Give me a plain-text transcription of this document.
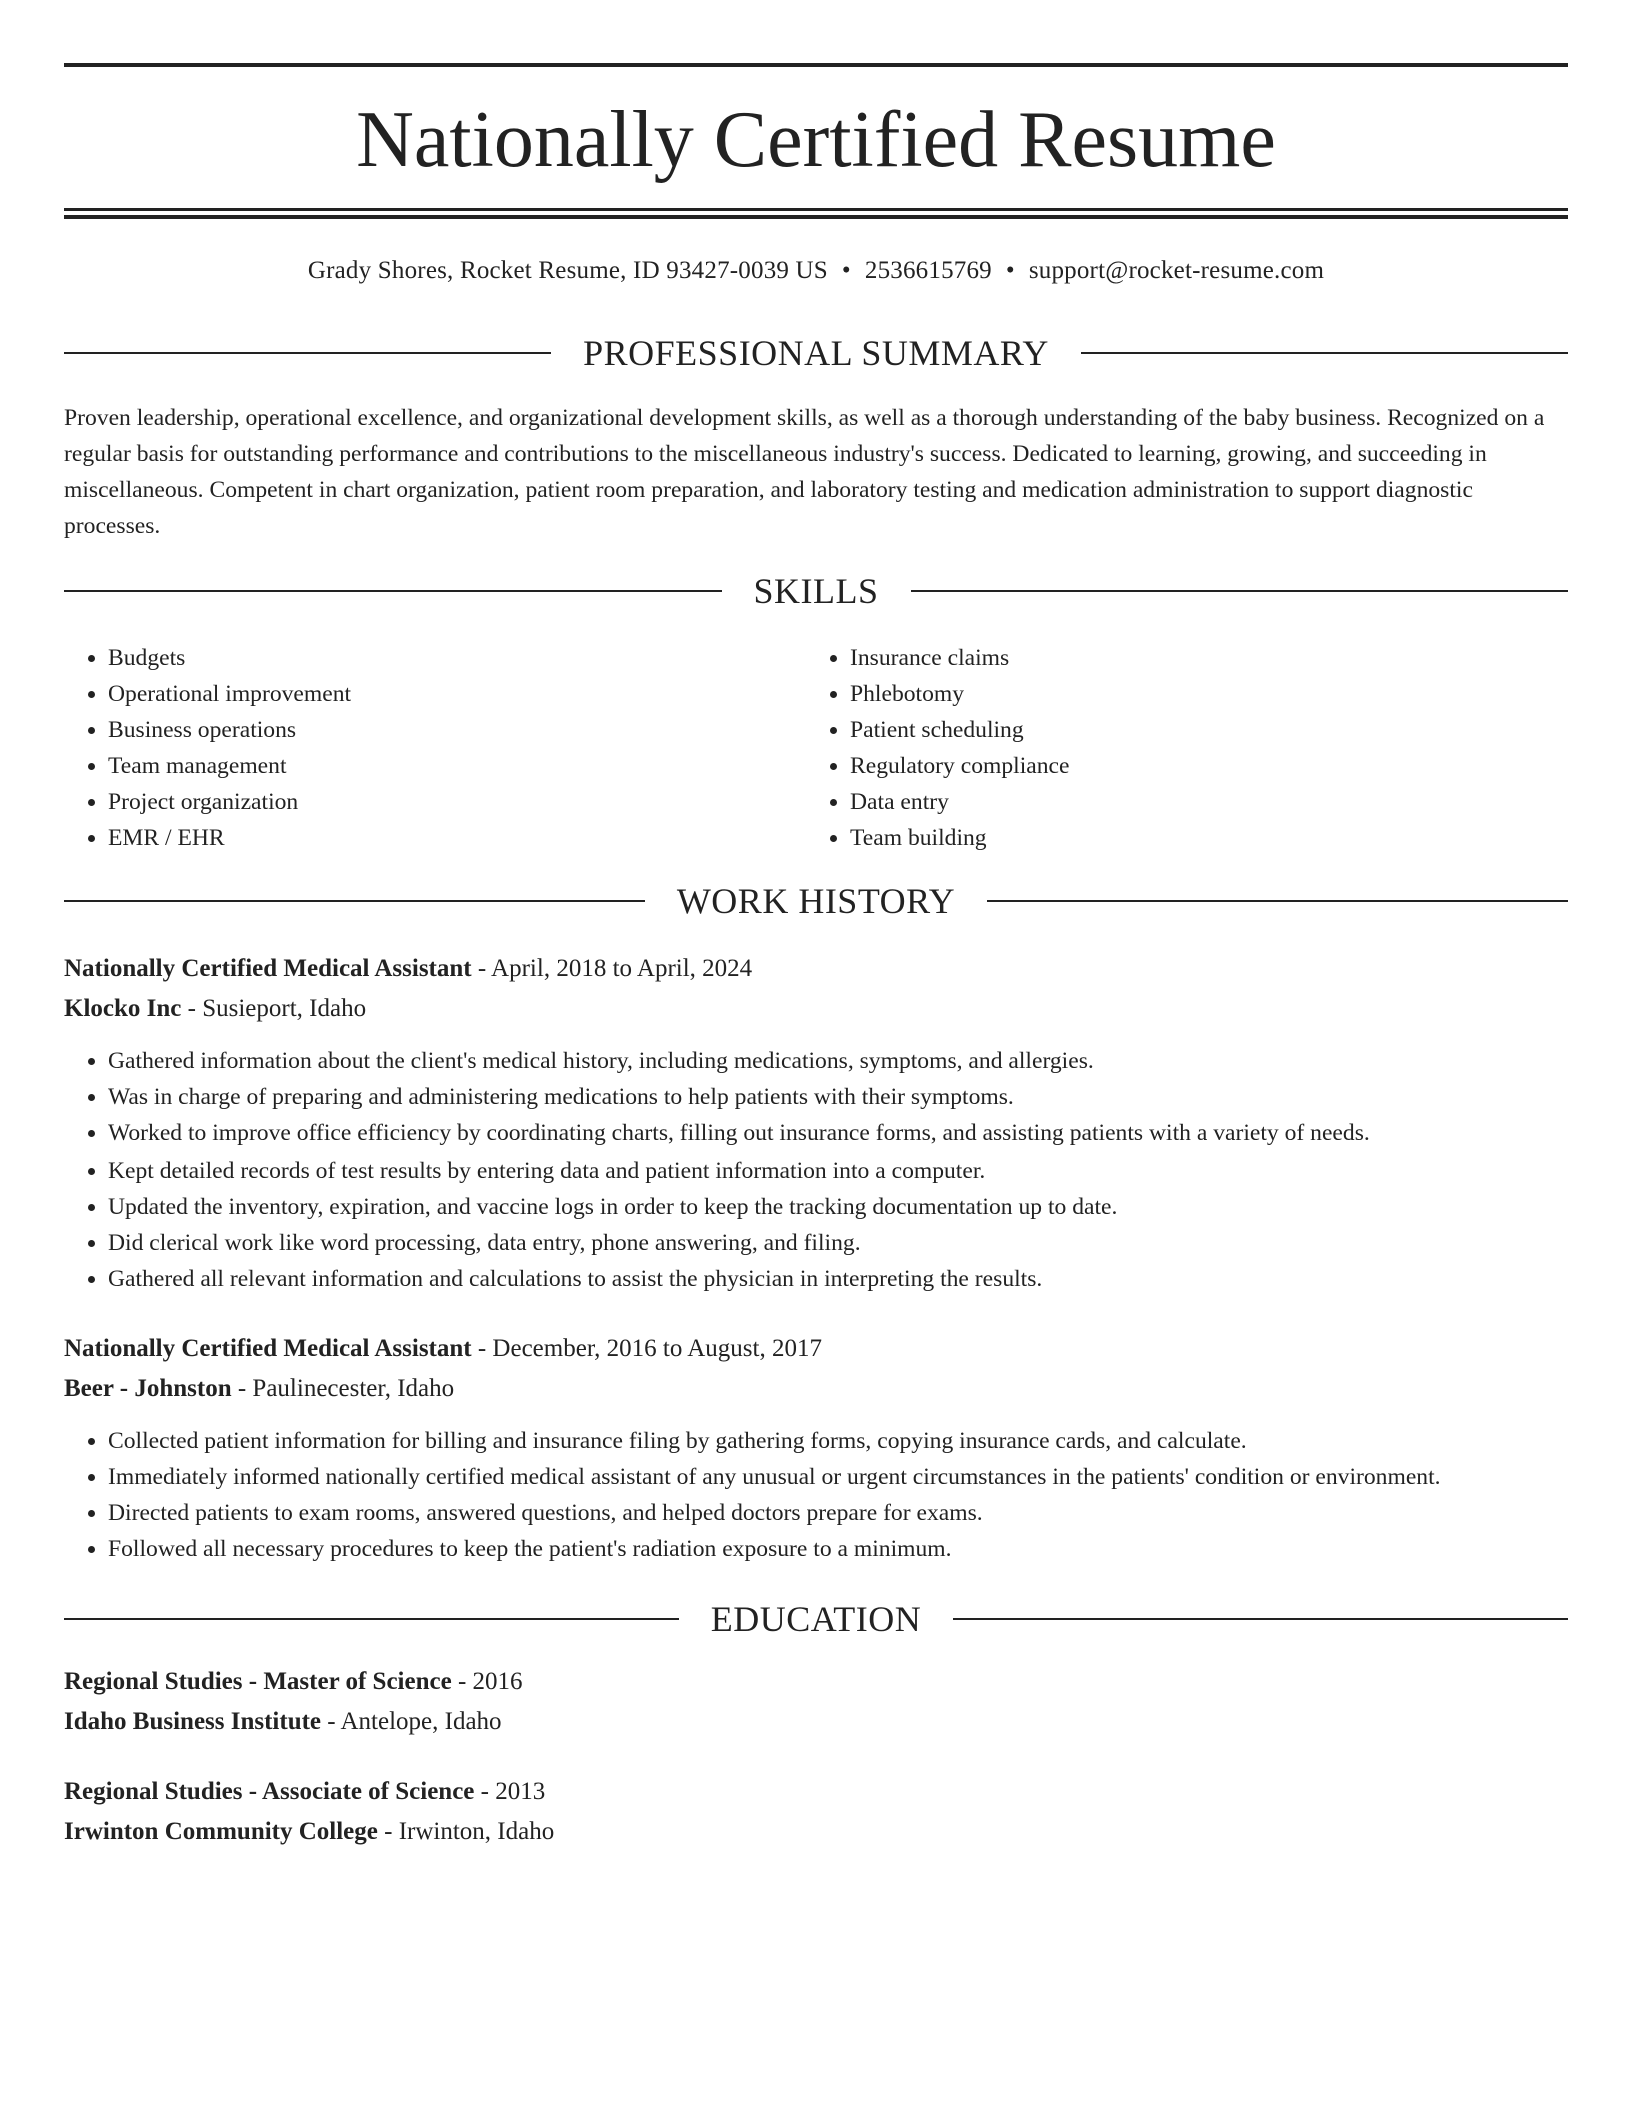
Nationally Certified Resume
Grady Shores, Rocket Resume, ID 93427-0039 US • 2536615769 • support@rocket-resume.com
PROFESSIONAL SUMMARY

Proven leadership, operational excellence, and organizational development skills, as well as a thorough understanding of the baby business. Recognized on a regular basis for outstanding performance and contributions to the miscellaneous industry's success. Dedicated to learning, growing, and succeeding in miscellaneous. Competent in chart organization, patient room preparation, and laboratory testing and medication administration to support diagnostic processes.

SKILLS
• Budgets
• Operational improvement
• Business operations
• Team management
• Project organization
• EMR / EHR
• Insurance claims
• Phlebotomy
• Patient scheduling
• Regulatory compliance
• Data entry
• Team building
WORK HISTORY
Nationally Certified Medical Assistant - April, 2018 to April, 2024
Klocko Inc - Susieport, Idaho
• Gathered information about the client's medical history, including medications, symptoms, and allergies.
• Was in charge of preparing and administering medications to help patients with their symptoms.
• Worked to improve office efficiency by coordinating charts, filling out insurance forms, and assisting patients with a variety of needs.
• Kept detailed records of test results by entering data and patient information into a computer.
• Updated the inventory, expiration, and vaccine logs in order to keep the tracking documentation up to date.
• Did clerical work like word processing, data entry, phone answering, and filing.
• Gathered all relevant information and calculations to assist the physician in interpreting the results.
Nationally Certified Medical Assistant - December, 2016 to August, 2017
Beer - Johnston - Paulinecester, Idaho
• Collected patient information for billing and insurance filing by gathering forms, copying insurance cards, and calculate.
• Immediately informed nationally certified medical assistant of any unusual or urgent circumstances in the patients' condition or environment.
• Directed patients to exam rooms, answered questions, and helped doctors prepare for exams.
• Followed all necessary procedures to keep the patient's radiation exposure to a minimum.
EDUCATION
Regional Studies - Master of Science - 2016
Idaho Business Institute - Antelope, Idaho
Regional Studies - Associate of Science - 2013
Irwinton Community College - Irwinton, Idaho
